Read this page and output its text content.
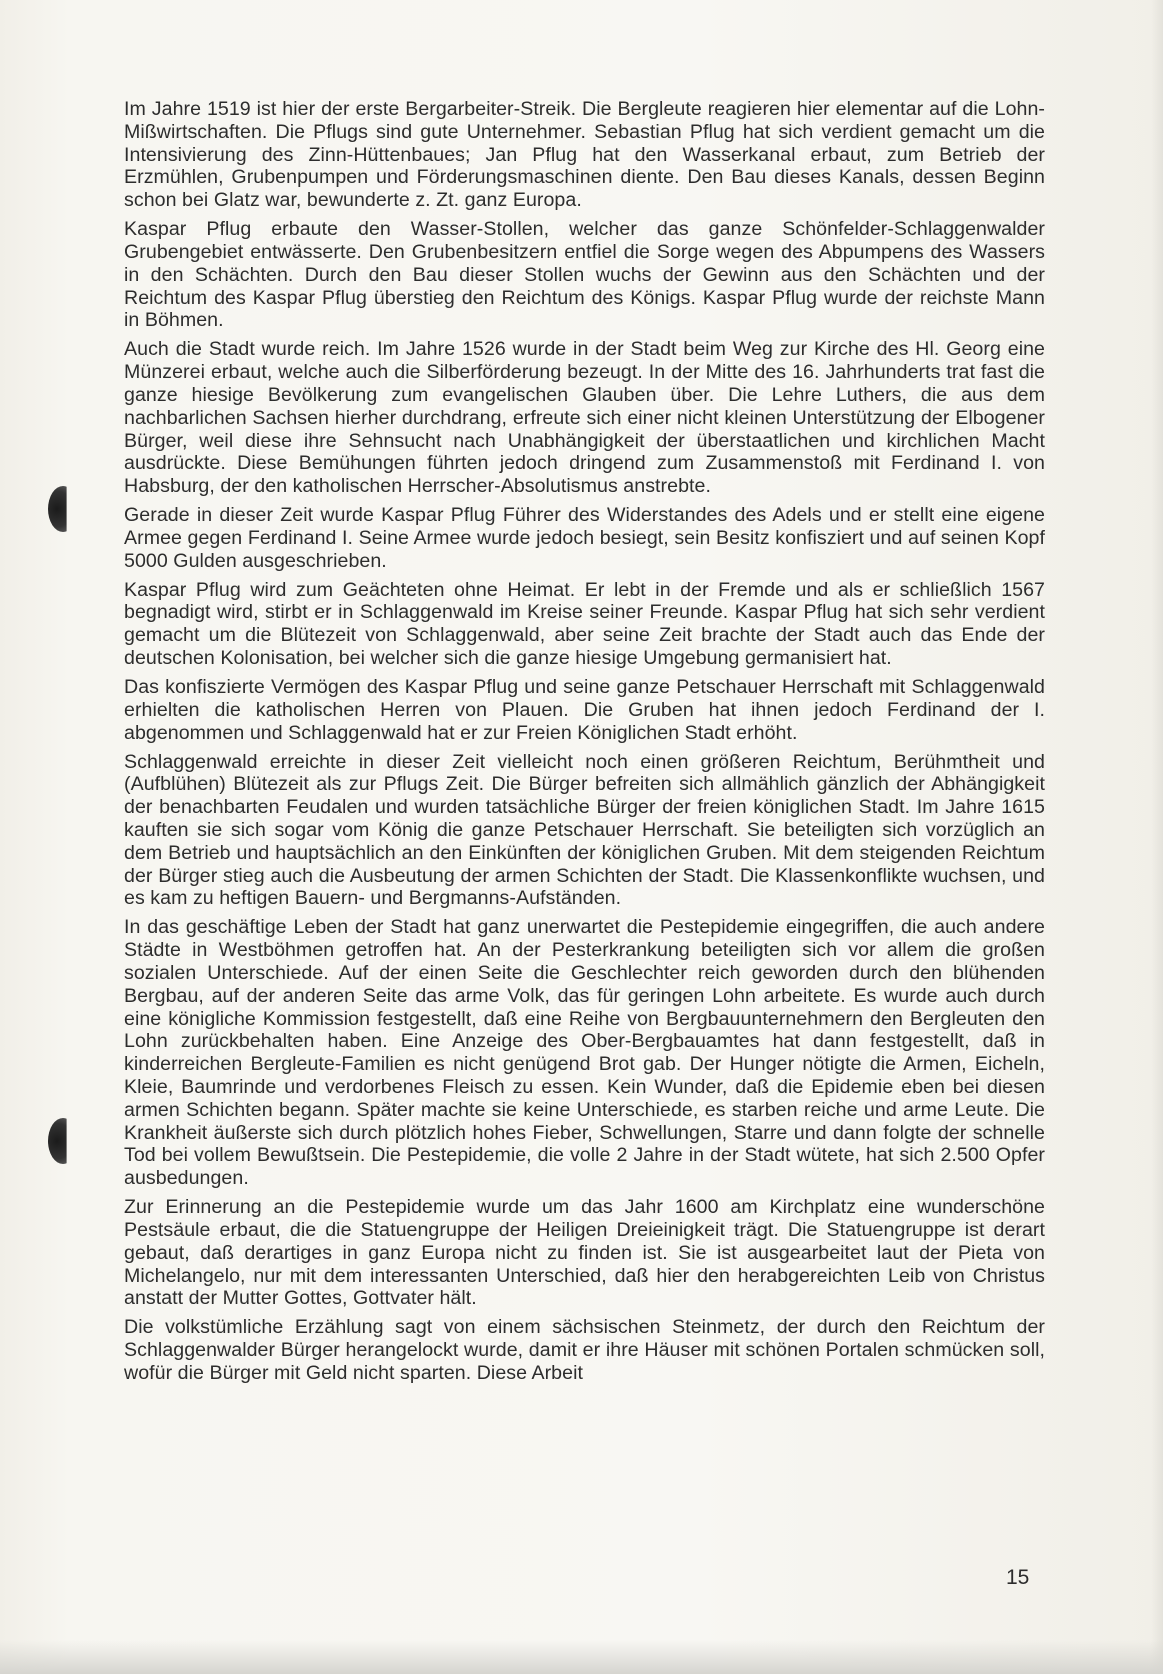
Im Jahre 1519 ist hier der erste Bergarbeiter-Streik. Die Bergleute reagieren hier elementar auf die Lohn-Mißwirtschaften. Die Pflugs sind gute Unternehmer. Sebastian Pflug hat sich verdient gemacht um die Intensivierung des Zinn-Hüttenbaues; Jan Pflug hat den Wasserkanal erbaut, zum Betrieb der Erzmühlen, Grubenpumpen und Förderungsmaschinen diente. Den Bau dieses Kanals, dessen Beginn schon bei Glatz war, bewunderte z. Zt. ganz Europa.

Kaspar Pflug erbaute den Wasser-Stollen, welcher das ganze Schönfelder-Schlaggenwalder Grubengebiet entwässerte. Den Grubenbesitzern entfiel die Sorge wegen des Abpumpens des Wassers in den Schächten. Durch den Bau dieser Stollen wuchs der Gewinn aus den Schächten und der Reichtum des Kaspar Pflug überstieg den Reichtum des Königs. Kaspar Pflug wurde der reichste Mann in Böhmen.

Auch die Stadt wurde reich. Im Jahre 1526 wurde in der Stadt beim Weg zur Kirche des Hl. Georg eine Münzerei erbaut, welche auch die Silberförderung bezeugt. In der Mitte des 16. Jahrhunderts trat fast die ganze hiesige Bevölkerung zum evangelischen Glauben über. Die Lehre Luthers, die aus dem nachbarlichen Sachsen hierher durchdrang, erfreute sich einer nicht kleinen Unterstützung der Elbogener Bürger, weil diese ihre Sehnsucht nach Unabhängigkeit der überstaatlichen und kirchlichen Macht ausdrückte. Diese Bemühungen führten jedoch dringend zum Zusammenstoß mit Ferdinand I. von Habsburg, der den katholischen Herrscher-Absolutismus anstrebte.

Gerade in dieser Zeit wurde Kaspar Pflug Führer des Widerstandes des Adels und er stellt eine eigene Armee gegen Ferdinand I. Seine Armee wurde jedoch besiegt, sein Besitz konfisziert und auf seinen Kopf 5000 Gulden ausgeschrieben.

Kaspar Pflug wird zum Geächteten ohne Heimat. Er lebt in der Fremde und als er schließlich 1567 begnadigt wird, stirbt er in Schlaggenwald im Kreise seiner Freunde. Kaspar Pflug hat sich sehr verdient gemacht um die Blütezeit von Schlaggenwald, aber seine Zeit brachte der Stadt auch das Ende der deutschen Kolonisation, bei welcher sich die ganze hiesige Umgebung germanisiert hat.

Das konfiszierte Vermögen des Kaspar Pflug und seine ganze Petschauer Herrschaft mit Schlaggenwald erhielten die katholischen Herren von Plauen. Die Gruben hat ihnen jedoch Ferdinand der I. abgenommen und Schlaggenwald hat er zur Freien Königlichen Stadt erhöht.

Schlaggenwald erreichte in dieser Zeit vielleicht noch einen größeren Reichtum, Berühmtheit und (Aufblühen) Blütezeit als zur Pflugs Zeit. Die Bürger befreiten sich allmählich gänzlich der Abhängigkeit der benachbarten Feudalen und wurden tatsächliche Bürger der freien königlichen Stadt. Im Jahre 1615 kauften sie sich sogar vom König die ganze Petschauer Herrschaft. Sie beteiligten sich vorzüglich an dem Betrieb und hauptsächlich an den Einkünften der königlichen Gruben. Mit dem steigenden Reichtum der Bürger stieg auch die Ausbeutung der armen Schichten der Stadt. Die Klassenkonflikte wuchsen, und es kam zu heftigen Bauern- und Bergmanns-Aufständen.

In das geschäftige Leben der Stadt hat ganz unerwartet die Pestepidemie eingegriffen, die auch andere Städte in Westböhmen getroffen hat. An der Pesterkrankung beteiligten sich vor allem die großen sozialen Unterschiede. Auf der einen Seite die Geschlechter reich geworden durch den blühenden Bergbau, auf der anderen Seite das arme Volk, das für geringen Lohn arbeitete. Es wurde auch durch eine königliche Kommission festgestellt, daß eine Reihe von Bergbauunternehmern den Bergleuten den Lohn zurückbehalten haben. Eine Anzeige des Ober-Bergbauamtes hat dann festgestellt, daß in kinderreichen Bergleute-Familien es nicht genügend Brot gab. Der Hunger nötigte die Armen, Eicheln, Kleie, Baumrinde und verdorbenes Fleisch zu essen. Kein Wunder, daß die Epidemie eben bei diesen armen Schichten begann. Später machte sie keine Unterschiede, es starben reiche und arme Leute. Die Krankheit äußerste sich durch plötzlich hohes Fieber, Schwellungen, Starre und dann folgte der schnelle Tod bei vollem Bewußtsein. Die Pestepidemie, die volle 2 Jahre in der Stadt wütete, hat sich 2.500 Opfer ausbedungen.

Zur Erinnerung an die Pestepidemie wurde um das Jahr 1600 am Kirchplatz eine wunderschöne Pestsäule erbaut, die die Statuengruppe der Heiligen Dreieinigkeit trägt. Die Statuengruppe ist derart gebaut, daß derartiges in ganz Europa nicht zu finden ist. Sie ist ausgearbeitet laut der Pieta von Michelangelo, nur mit dem interessanten Unterschied, daß hier den herabgereichten Leib von Christus anstatt der Mutter Gottes, Gottvater hält.

Die volkstümliche Erzählung sagt von einem sächsischen Steinmetz, der durch den Reichtum der Schlaggenwalder Bürger herangelockt wurde, damit er ihre Häuser mit schönen Portalen schmücken soll, wofür die Bürger mit Geld nicht sparten. Diese Arbeit

15
